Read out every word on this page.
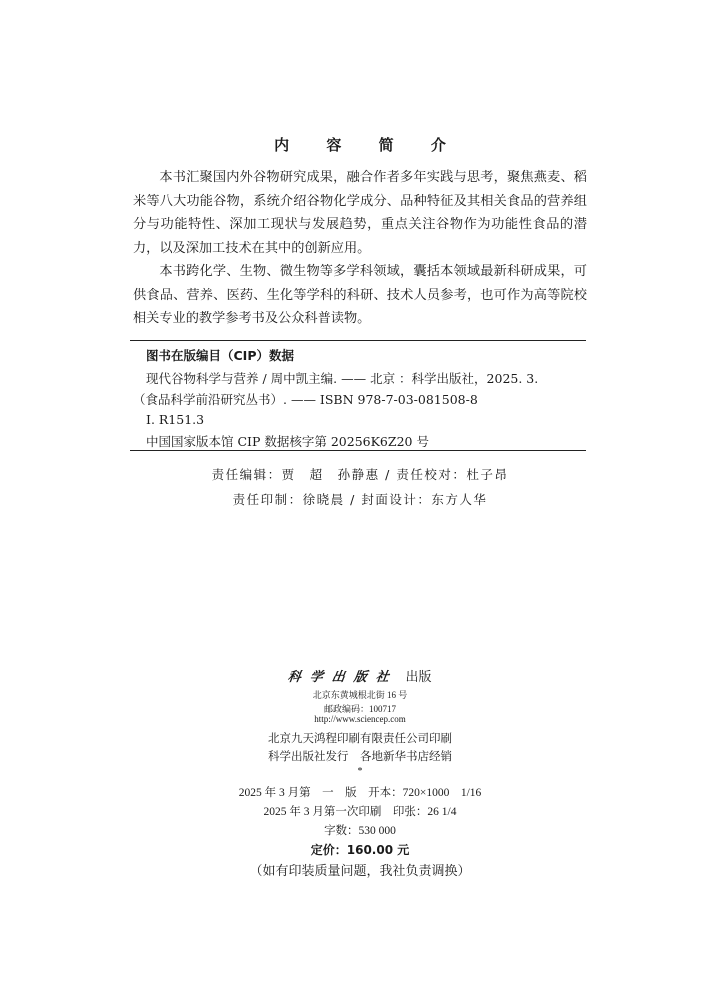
内 容 简 介

本书汇聚国内外谷物研究成果，融合作者多年实践与思考，聚焦燕麦、稻米等八大功能谷物，系统介绍谷物化学成分、品种特征及其相关食品的营养组分与功能特性、深加工现状与发展趋势，重点关注谷物作为功能性食品的潜力，以及深加工技术在其中的创新应用。

本书跨化学、生物、微生物等多学科领域，囊括本领域最新科研成果，可供食品、营养、医药、生化等学科的科研、技术人员参考，也可作为高等院校相关专业的教学参考书及公众科普读物。

图书在版编目（CIP）数据
现代谷物科学与营养 / 周中凯主编. —— 北京 ：科学出版社，2025. 3.
（食品科学前沿研究丛书）. —— ISBN 978-7-03-081508-8
Ⅰ. R151.3
中国国家版本馆 CIP 数据核字第 20256K6Z20 号
责任编辑：贾　超　孙静惠 / 责任校对：杜子昂
责任印制：徐晓晨 / 封面设计：东方人华
科学出版社 出版
北京东黄城根北街 16 号
邮政编码：100717
http://www.sciencep.com
北京九天鸿程印刷有限责任公司印刷
科学出版社发行　各地新华书店经销
*
2025 年 3 月第　一　版　开本：720×1000　1/16
2025 年 3 月第一次印刷　印张：26 1/4
字数：530 000
定价：160.00 元
（如有印装质量问题，我社负责调换）
